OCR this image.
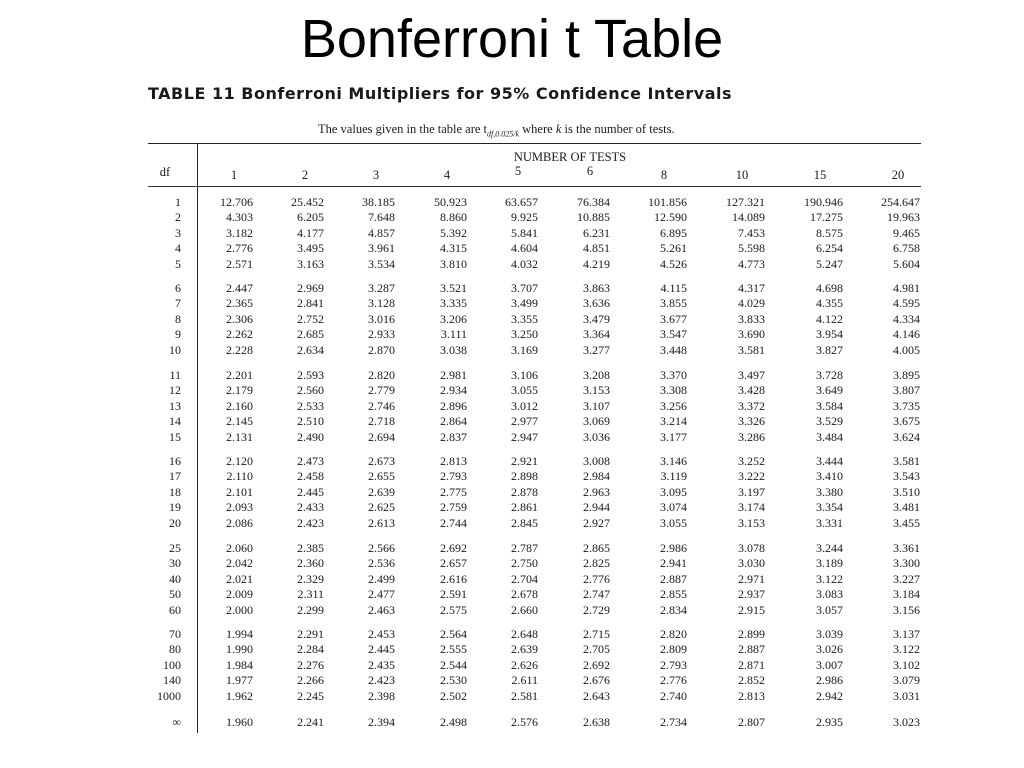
Bonferroni t Table
TABLE 11 Bonferroni Multipliers for 95% Confidence Intervals
The values given in the table are $t_{df,0.025/k}$ where k is the number of tests.
df
NUMBER OF TESTS
1	2	3	4	5	6	8	10	15	20
1	12.706	25.452	38.185	50.923	63.657	76.384	101.856	127.321	190.946	254.647
2	4.303	6.205	7.648	8.860	9.925	10.885	12.590	14.089	17.275	19.963
3	3.182	4.177	4.857	5.392	5.841	6.231	6.895	7.453	8.575	9.465
4	2.776	3.495	3.961	4.315	4.604	4.851	5.261	5.598	6.254	6.758
5	2.571	3.163	3.534	3.810	4.032	4.219	4.526	4.773	5.247	5.604
6	2.447	2.969	3.287	3.521	3.707	3.863	4.115	4.317	4.698	4.981
7	2.365	2.841	3.128	3.335	3.499	3.636	3.855	4.029	4.355	4.595
8	2.306	2.752	3.016	3.206	3.355	3.479	3.677	3.833	4.122	4.334
9	2.262	2.685	2.933	3.111	3.250	3.364	3.547	3.690	3.954	4.146
10	2.228	2.634	2.870	3.038	3.169	3.277	3.448	3.581	3.827	4.005
11	2.201	2.593	2.820	2.981	3.106	3.208	3.370	3.497	3.728	3.895
12	2.179	2.560	2.779	2.934	3.055	3.153	3.308	3.428	3.649	3.807
13	2.160	2.533	2.746	2.896	3.012	3.107	3.256	3.372	3.584	3.735
14	2.145	2.510	2.718	2.864	2.977	3.069	3.214	3.326	3.529	3.675
15	2.131	2.490	2.694	2.837	2.947	3.036	3.177	3.286	3.484	3.624
16	2.120	2.473	2.673	2.813	2.921	3.008	3.146	3.252	3.444	3.581
17	2.110	2.458	2.655	2.793	2.898	2.984	3.119	3.222	3.410	3.543
18	2.101	2.445	2.639	2.775	2.878	2.963	3.095	3.197	3.380	3.510
19	2.093	2.433	2.625	2.759	2.861	2.944	3.074	3.174	3.354	3.481
20	2.086	2.423	2.613	2.744	2.845	2.927	3.055	3.153	3.331	3.455
25	2.060	2.385	2.566	2.692	2.787	2.865	2.986	3.078	3.244	3.361
30	2.042	2.360	2.536	2.657	2.750	2.825	2.941	3.030	3.189	3.300
40	2.021	2.329	2.499	2.616	2.704	2.776	2.887	2.971	3.122	3.227
50	2.009	2.311	2.477	2.591	2.678	2.747	2.855	2.937	3.083	3.184
60	2.000	2.299	2.463	2.575	2.660	2.729	2.834	2.915	3.057	3.156
70	1.994	2.291	2.453	2.564	2.648	2.715	2.820	2.899	3.039	3.137
80	1.990	2.284	2.445	2.555	2.639	2.705	2.809	2.887	3.026	3.122
100	1.984	2.276	2.435	2.544	2.626	2.692	2.793	2.871	3.007	3.102
140	1.977	2.266	2.423	2.530	2.611	2.676	2.776	2.852	2.986	3.079
1000	1.962	2.245	2.398	2.502	2.581	2.643	2.740	2.813	2.942	3.031
∞	1.960	2.241	2.394	2.498	2.576	2.638	2.734	2.807	2.935	3.023
